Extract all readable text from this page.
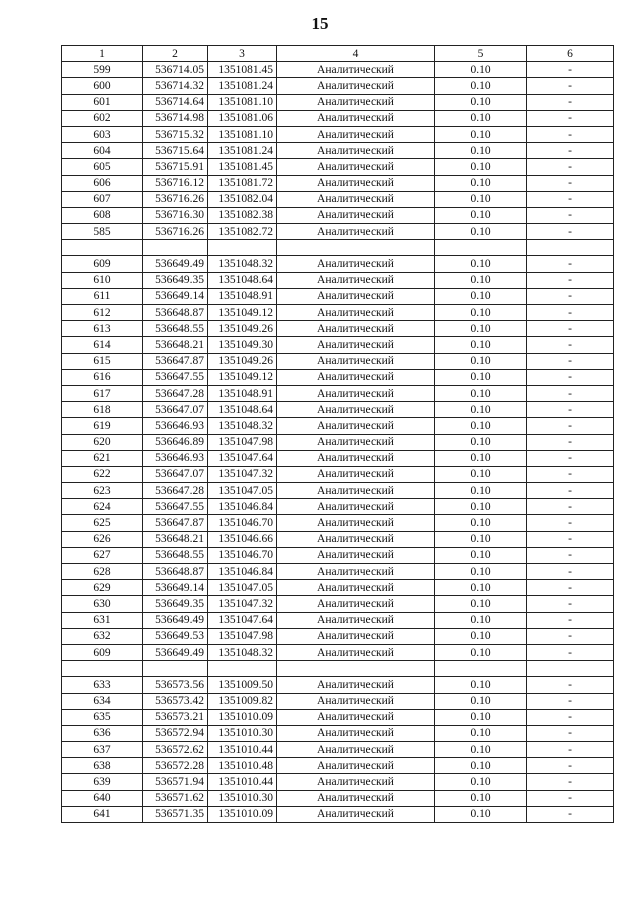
15
1	2	3	4	5	6
599	536714.05	1351081.45	Аналитический	0.10	-
600	536714.32	1351081.24	Аналитический	0.10	-
601	536714.64	1351081.10	Аналитический	0.10	-
602	536714.98	1351081.06	Аналитический	0.10	-
603	536715.32	1351081.10	Аналитический	0.10	-
604	536715.64	1351081.24	Аналитический	0.10	-
605	536715.91	1351081.45	Аналитический	0.10	-
606	536716.12	1351081.72	Аналитический	0.10	-
607	536716.26	1351082.04	Аналитический	0.10	-
608	536716.30	1351082.38	Аналитический	0.10	-
585	536716.26	1351082.72	Аналитический	0.10	-

609	536649.49	1351048.32	Аналитический	0.10	-
610	536649.35	1351048.64	Аналитический	0.10	-
611	536649.14	1351048.91	Аналитический	0.10	-
612	536648.87	1351049.12	Аналитический	0.10	-
613	536648.55	1351049.26	Аналитический	0.10	-
614	536648.21	1351049.30	Аналитический	0.10	-
615	536647.87	1351049.26	Аналитический	0.10	-
616	536647.55	1351049.12	Аналитический	0.10	-
617	536647.28	1351048.91	Аналитический	0.10	-
618	536647.07	1351048.64	Аналитический	0.10	-
619	536646.93	1351048.32	Аналитический	0.10	-
620	536646.89	1351047.98	Аналитический	0.10	-
621	536646.93	1351047.64	Аналитический	0.10	-
622	536647.07	1351047.32	Аналитический	0.10	-
623	536647.28	1351047.05	Аналитический	0.10	-
624	536647.55	1351046.84	Аналитический	0.10	-
625	536647.87	1351046.70	Аналитический	0.10	-
626	536648.21	1351046.66	Аналитический	0.10	-
627	536648.55	1351046.70	Аналитический	0.10	-
628	536648.87	1351046.84	Аналитический	0.10	-
629	536649.14	1351047.05	Аналитический	0.10	-
630	536649.35	1351047.32	Аналитический	0.10	-
631	536649.49	1351047.64	Аналитический	0.10	-
632	536649.53	1351047.98	Аналитический	0.10	-
609	536649.49	1351048.32	Аналитический	0.10	-

633	536573.56	1351009.50	Аналитический	0.10	-
634	536573.42	1351009.82	Аналитический	0.10	-
635	536573.21	1351010.09	Аналитический	0.10	-
636	536572.94	1351010.30	Аналитический	0.10	-
637	536572.62	1351010.44	Аналитический	0.10	-
638	536572.28	1351010.48	Аналитический	0.10	-
639	536571.94	1351010.44	Аналитический	0.10	-
640	536571.62	1351010.30	Аналитический	0.10	-
641	536571.35	1351010.09	Аналитический	0.10	-
